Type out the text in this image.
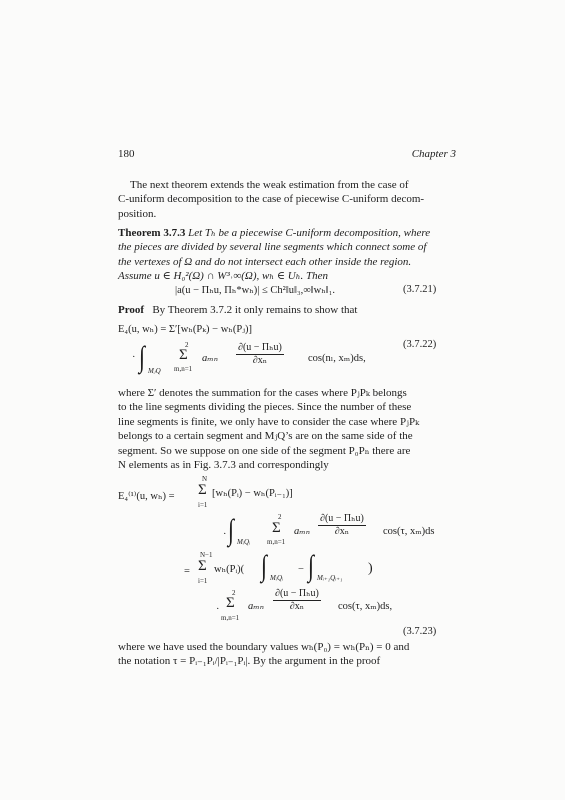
180	Chapter 3
The next theorem extends the weak estimation from the case of
C-uniform decomposition to the case of piecewise C-uniform decom-
position.
Theorem 3.7.3 Let Tₕ be a piecewise C-uniform decomposition, where
the pieces are divided by several line segments which connect some of
the vertexes of Ω and do not intersect each other inside the region.
Assume u ∈ H₀²(Ω) ∩ W³˒∞(Ω), wₕ ∈ Uₕ. Then
|a(u − Πₕu, Πₕ*wₕ)| ≤ Ch²‖u‖₃,∞‖wₕ‖₁.	(3.7.21)
Proof By Theorem 3.7.2 it only remains to show that
E₄(u, wₕ) = Σ′[wₕ(Pₖ) − wₕ(Pⱼ)]
· ∫ MⱼQ
2
Σ
m,n=1
aₘₙ
∂(u − Πₕu)
∂xₙ	cos(nₗ, xₘ)ds,
(3.7.22)
where Σ′ denotes the summation for the cases where PⱼPₖ belongs
to the line segments dividing the pieces. Since the number of these
line segments is finite, we only have to consider the case where PⱼPₖ
belongs to a certain segment and MⱼQ’s are on the same side of the
segment. So we suppose on one side of the segment P₀Pₙ there are
N elements as in Fig. 3.7.3 and correspondingly
E₄⁽¹⁾(u, wₕ) =
N
Σ
i=1
[wₕ(Pᵢ) − wₕ(Pᵢ₋₁)]
· ∫ MᵢQᵢ
2
Σ
m,n=1
aₘₙ
∂(u − Πₕu)
∂xₙ	cos(τ, xₘ)ds
=
N−1
Σ
i=1
wₕ(Pᵢ)( ∫ MᵢQᵢ
− ∫ Mᵢ₊₁Qᵢ₊₁
)
·
2
Σ
m,n=1
aₘₙ
∂(u − Πₕu)
∂xₙ	cos(τ, xₘ)ds,
(3.7.23)
where we have used the boundary values wₕ(P₀) = wₕ(Pₙ) = 0 and
the notation τ = Pᵢ₋₁Pᵢ/|Pᵢ₋₁Pᵢ|. By the argument in the proof
